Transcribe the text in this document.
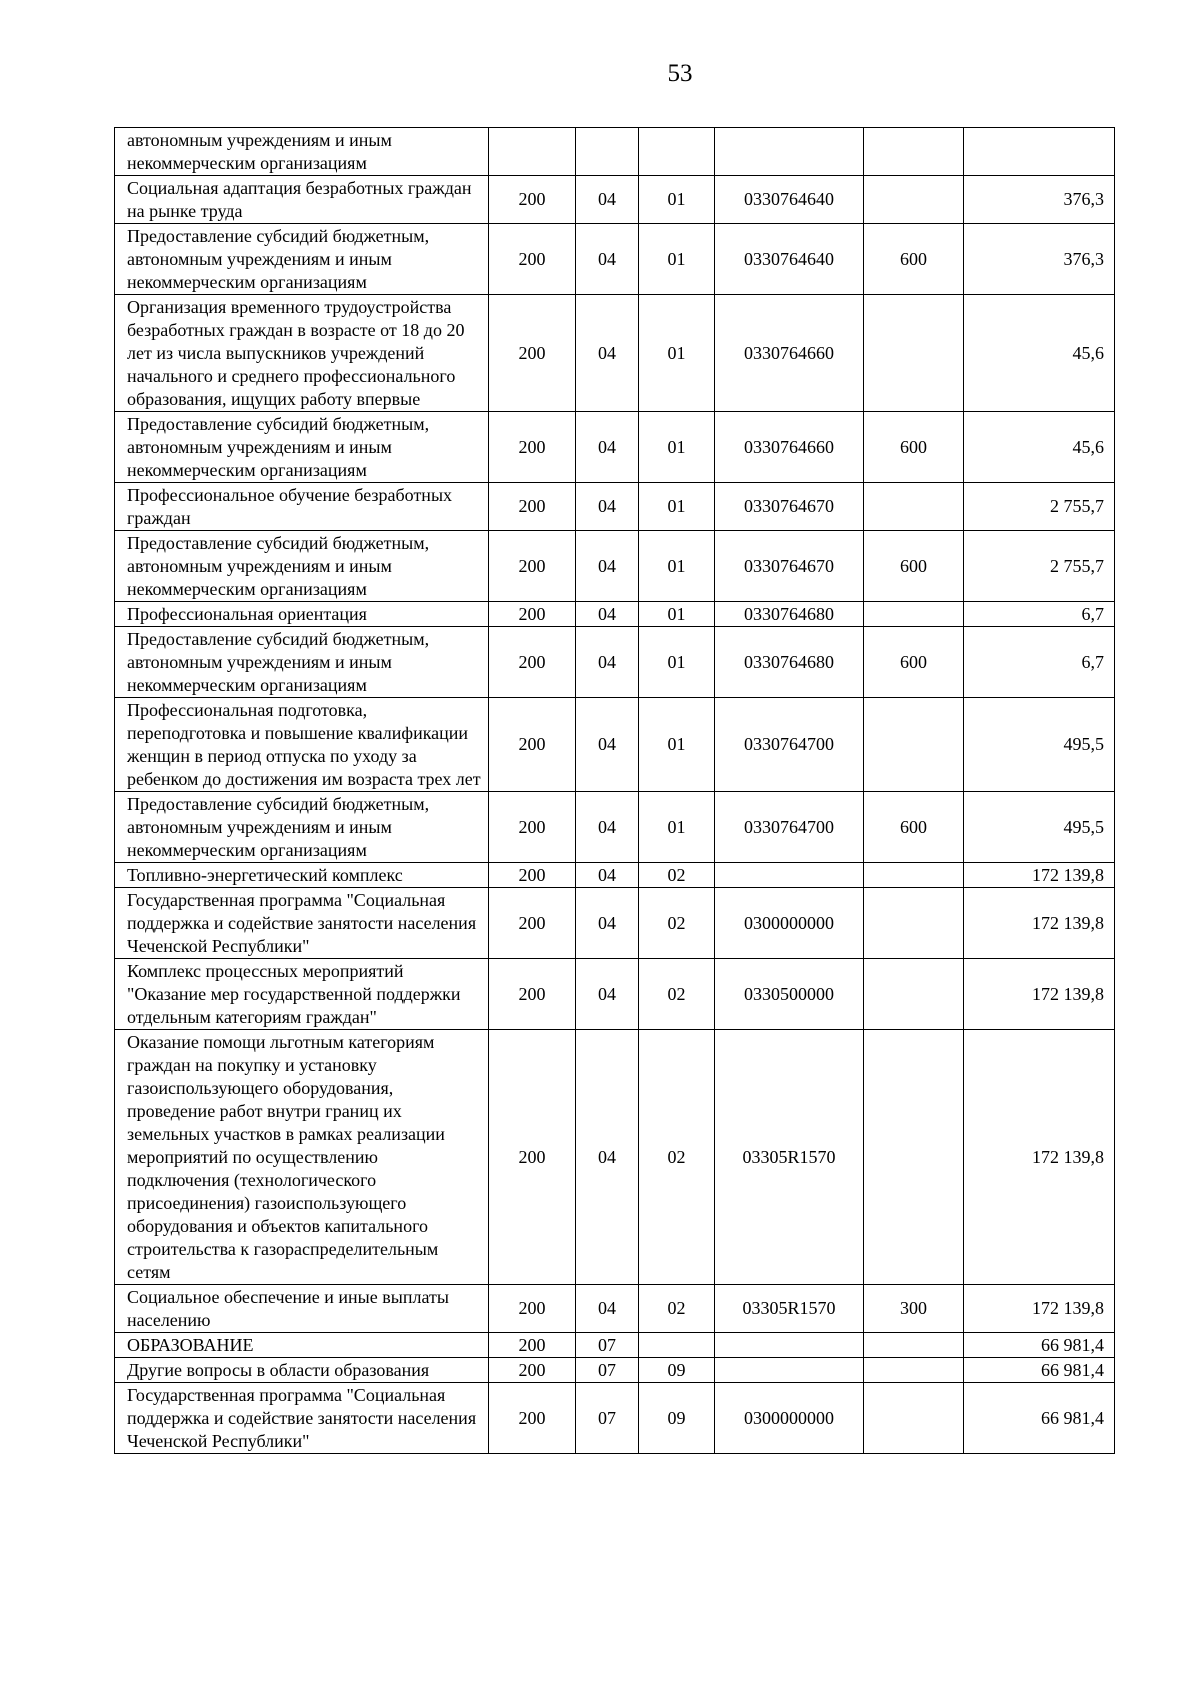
53
автономным учреждениям и иным некоммерческим организациям						
Социальная адаптация безработных граждан на рынке труда	200	04	01	0330764640		376,3
Предоставление субсидий бюджетным, автономным учреждениям и иным некоммерческим организациям	200	04	01	0330764640	600	376,3
Организация временного трудоустройства безработных граждан в возрасте от 18 до 20 лет из числа выпускников учреждений начального и среднего профессионального образования, ищущих работу впервые	200	04	01	0330764660		45,6
Предоставление субсидий бюджетным, автономным учреждениям и иным некоммерческим организациям	200	04	01	0330764660	600	45,6
Профессиональное обучение безработных граждан	200	04	01	0330764670		2 755,7
Предоставление субсидий бюджетным, автономным учреждениям и иным некоммерческим организациям	200	04	01	0330764670	600	2 755,7
Профессиональная ориентация	200	04	01	0330764680		6,7
Предоставление субсидий бюджетным, автономным учреждениям и иным некоммерческим организациям	200	04	01	0330764680	600	6,7
Профессиональная подготовка, переподготовка и повышение квалификации женщин в период отпуска по уходу за ребенком до достижения им возраста трех лет	200	04	01	0330764700		495,5
Предоставление субсидий бюджетным, автономным учреждениям и иным некоммерческим организациям	200	04	01	0330764700	600	495,5
Топливно-энергетический комплекс	200	04	02			172 139,8
Государственная программа "Социальная поддержка и содействие занятости населения Чеченской Республики"	200	04	02	0300000000		172 139,8
Комплекс процессных мероприятий "Оказание мер государственной поддержки отдельным категориям граждан"	200	04	02	0330500000		172 139,8
Оказание помощи льготным категориям граждан на покупку и установку газоиспользующего оборудования, проведение работ внутри границ их земельных участков в рамках реализации мероприятий по осуществлению подключения (технологического присоединения) газоиспользующего оборудования и объектов капитального строительства к газораспределительным сетям	200	04	02	03305R1570		172 139,8
Социальное обеспечение и иные выплаты населению	200	04	02	03305R1570	300	172 139,8
ОБРАЗОВАНИЕ	200	07				66 981,4
Другие вопросы в области образования	200	07	09			66 981,4
Государственная программа "Социальная поддержка и содействие занятости населения Чеченской Республики"	200	07	09	0300000000		66 981,4
